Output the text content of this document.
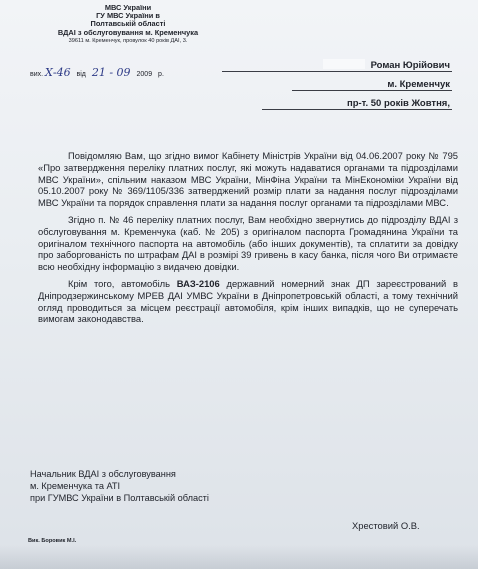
МВС України
ГУ МВС України в
Полтавській області
ВДАІ з обслуговування м. Кременчука
39611 м. Кременчук, провулок 40 років ДАІ, 3.
вих. Х-46 від 21 - 09 2009 р.
Роман Юрійович
м. Кременчук
пр-т. 50 років Жовтня,

Повідомляю Вам, що згідно вимог Кабінету Міністрів України від 04.06.2007 року № 795 «Про затвердження переліку платних послуг, які можуть надаватися органами та підрозділами МВС України», спільним наказом МВС України, МінФіна України та МінЕкономіки України від 05.10.2007 року № 369/1105/336 затверджений розмір плати за надання послуг підрозділами МВС України та порядок справлення плати за надання послуг органами та підрозділами МВС.

Згідно п. № 46 переліку платних послуг, Вам необхідно звернутись до підрозділу ВДАІ з обслуговування м. Кременчука (каб. № 205) з оригіналом паспорта Громадянина України та оригіналом технічного паспорта на автомобіль (або інших документів), та сплатити за довідку про заборгованість по штрафам ДАІ в розмірі 39 гривень в касу банка, після чого Ви отримаєте всю необхідну інформацію з видачею довідки.

Крім того, автомобіль ВАЗ-2106 державний номерний знак ДП зареєстрований в Дніпродзержинському МРЕВ ДАІ УМВС України в Дніпропетровській області, а тому технічний огляд проводиться за місцем реєстрації автомобіля, крім інших випадків, що не суперечать вимогам законодавства.

Начальник ВДАІ з обслуговування
м. Кременчука та АТІ
при ГУМВС України в Полтавській області
Хрестовий О.В.
Вик. Боровик М.І.
